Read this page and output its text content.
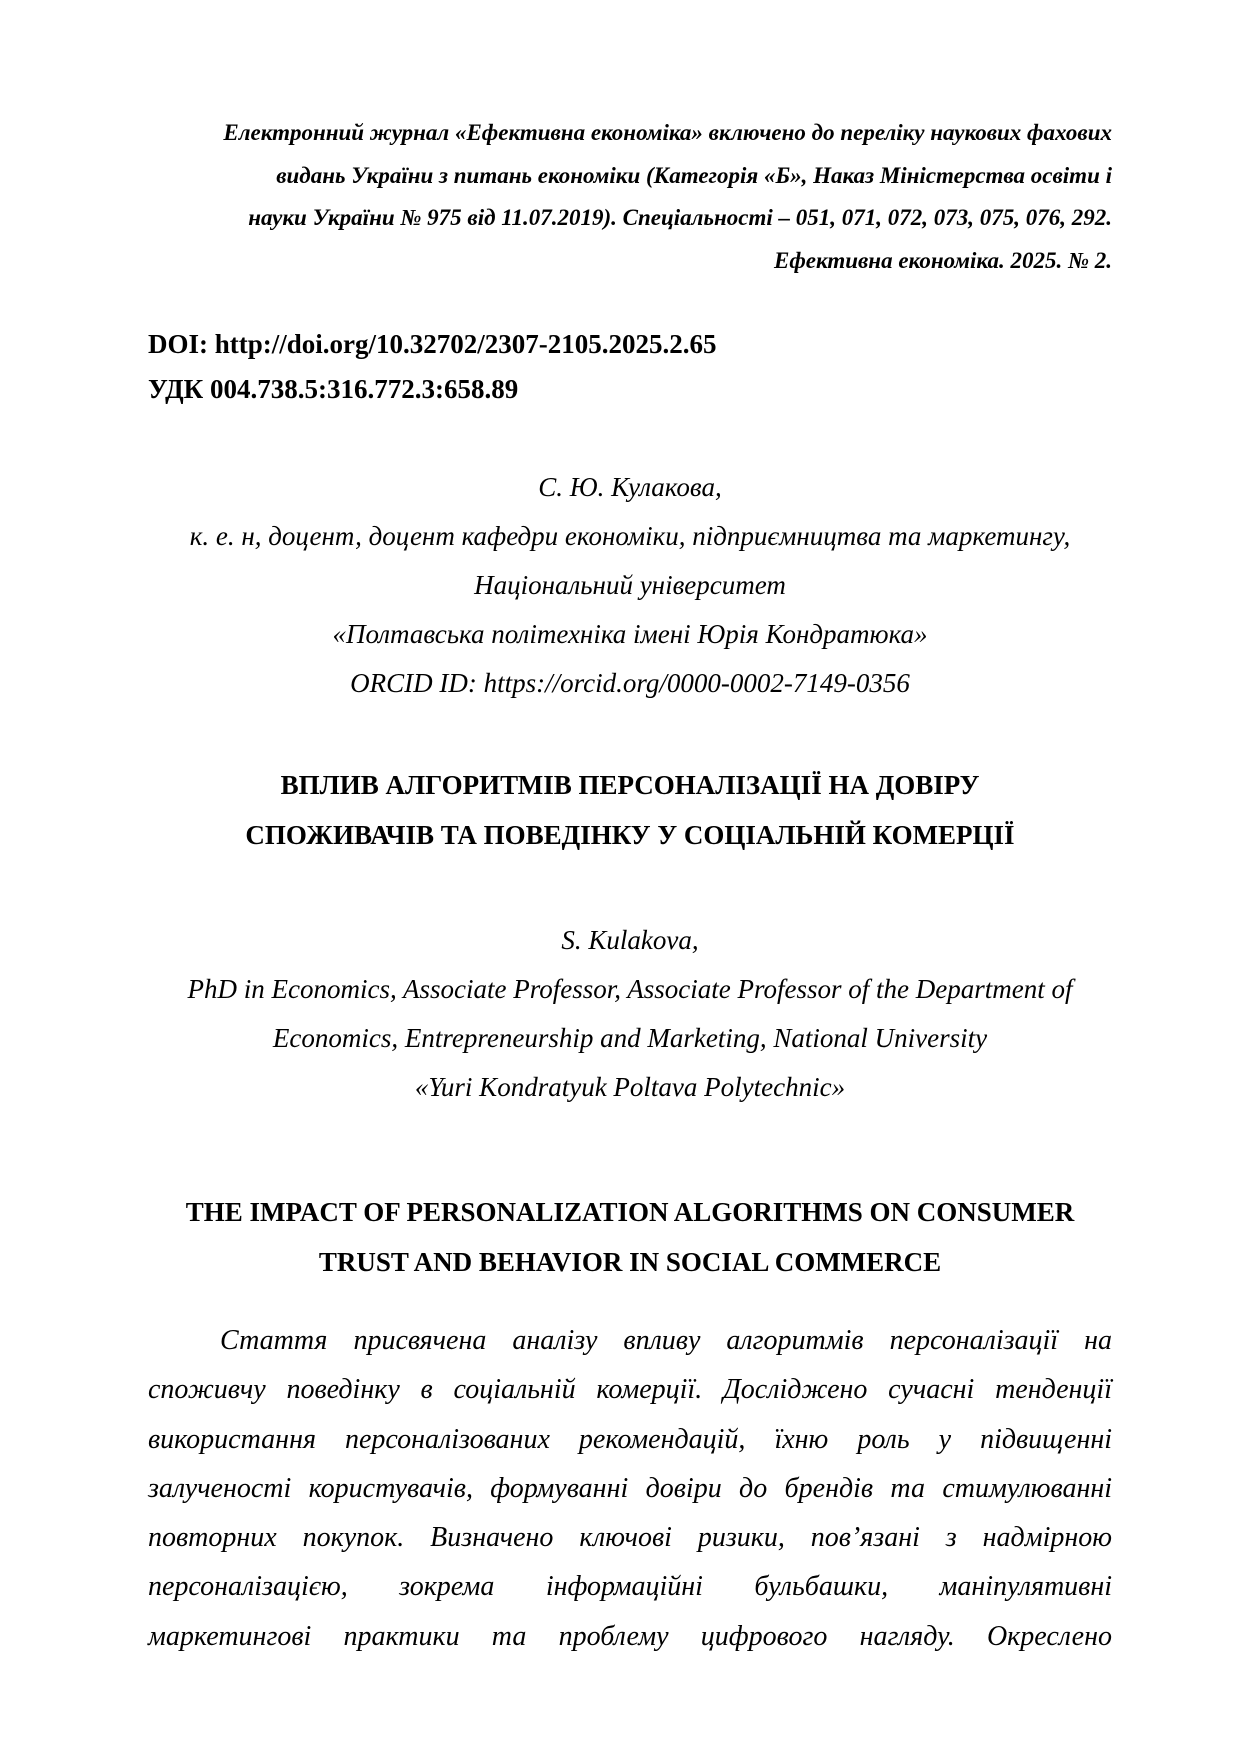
Електронний журнал «Ефективна економіка» включено до переліку наукових фахових
видань України з питань економіки (Категорія «Б», Наказ Міністерства освіти і
науки України № 975 від 11.07.2019). Спеціальності – 051, 071, 072, 073, 075, 076, 292.
Ефективна економіка. 2025. № 2.
DOI: http://doi.org/10.32702/2307-2105.2025.2.65
УДК 004.738.5:316.772.3:658.89
С. Ю. Кулакова,
к. е. н, доцент, доцент кафедри економіки, підприємництва та маркетингу,
Національний університет
«Полтавська політехніка імені Юрія Кондратюка»
ORCID ID: https://orcid.org/0000-0002-7149-0356
ВПЛИВ АЛГОРИТМІВ ПЕРСОНАЛІЗАЦІЇ НА ДОВІРУ
СПОЖИВАЧІВ ТА ПОВЕДІНКУ У СОЦІАЛЬНІЙ КОМЕРЦІЇ
S. Kulakova,
PhD in Economics, Associate Professor, Associate Professor of the Department of
Economics, Entrepreneurship and Marketing, National University
«Yuri Kondratyuk Poltava Polytechnic»
THE IMPACT OF PERSONALIZATION ALGORITHMS ON CONSUMER
TRUST AND BEHAVIOR IN SOCIAL COMMERCE
Стаття присвячена аналізу впливу алгоритмів персоналізації на
споживчу поведінку в соціальній комерції. Досліджено сучасні тенденції
використання персоналізованих рекомендацій, їхню роль у підвищенні
залученості користувачів, формуванні довіри до брендів та стимулюванні
повторних покупок. Визначено ключові ризики, пов’язані з надмірною
персоналізацією, зокрема інформаційні бульбашки, маніпулятивні
маркетингові практики та проблему цифрового нагляду. Окреслено
